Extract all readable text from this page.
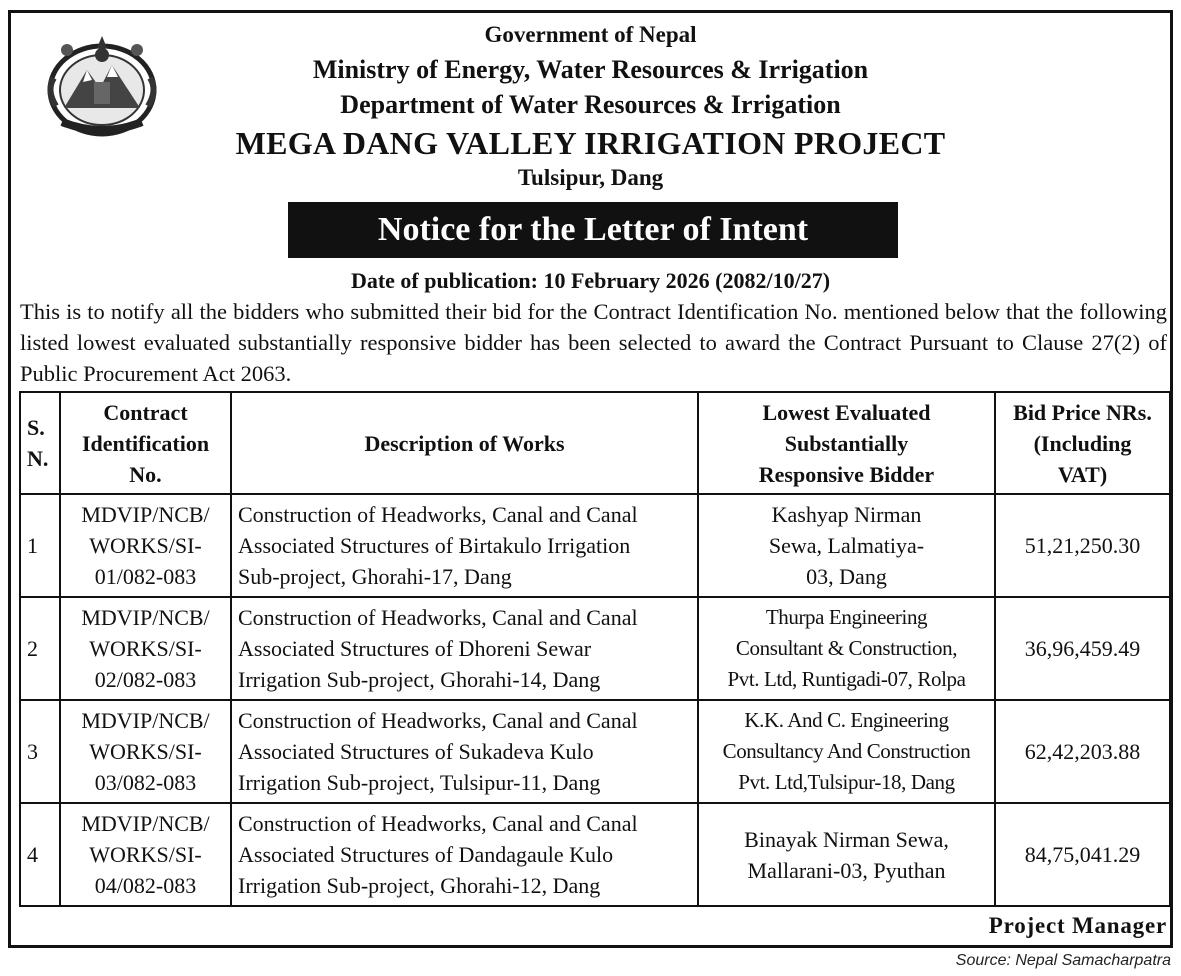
Government of Nepal
Ministry of Energy, Water Resources & Irrigation
Department of Water Resources & Irrigation
MEGA DANG VALLEY IRRIGATION PROJECT
Tulsipur, Dang
Notice for the Letter of Intent
Date of publication: 10 February 2026 (2082/10/27)
This is to notify all the bidders who submitted their bid for the Contract Identification No. mentioned below that the following listed lowest evaluated substantially responsive bidder has been selected to award the Contract Pursuant to Clause 27(2) of Public Procurement Act 2063.
S.
N.	Contract
Identification
No.	Description of Works	Lowest Evaluated
Substantially
Responsive Bidder	Bid Price NRs.
(Including
VAT)
1	MDVIP/NCB/
WORKS/SI-
01/082-083	Construction of Headworks, Canal and Canal
Associated Structures of Birtakulo Irrigation
Sub-project, Ghorahi-17, Dang	Kashyap Nirman
Sewa, Lalmatiya-
03, Dang	51,21,250.30
2	MDVIP/NCB/
WORKS/SI-
02/082-083	Construction of Headworks, Canal and Canal
Associated Structures of Dhoreni Sewar
Irrigation Sub-project, Ghorahi-14, Dang	Thurpa Engineering
Consultant & Construction,
Pvt. Ltd, Runtigadi-07, Rolpa	36,96,459.49
3	MDVIP/NCB/
WORKS/SI-
03/082-083	Construction of Headworks, Canal and Canal
Associated Structures of Sukadeva Kulo
Irrigation Sub-project, Tulsipur-11, Dang	K.K. And C. Engineering
Consultancy And Construction
Pvt. Ltd,Tulsipur-18, Dang	62,42,203.88
4	MDVIP/NCB/
WORKS/SI-
04/082-083	Construction of Headworks, Canal and Canal
Associated Structures of Dandagaule Kulo
Irrigation Sub-project, Ghorahi-12, Dang	Binayak Nirman Sewa,
Mallarani-03, Pyuthan	84,75,041.29
Project Manager
Source: Nepal Samacharpatra
